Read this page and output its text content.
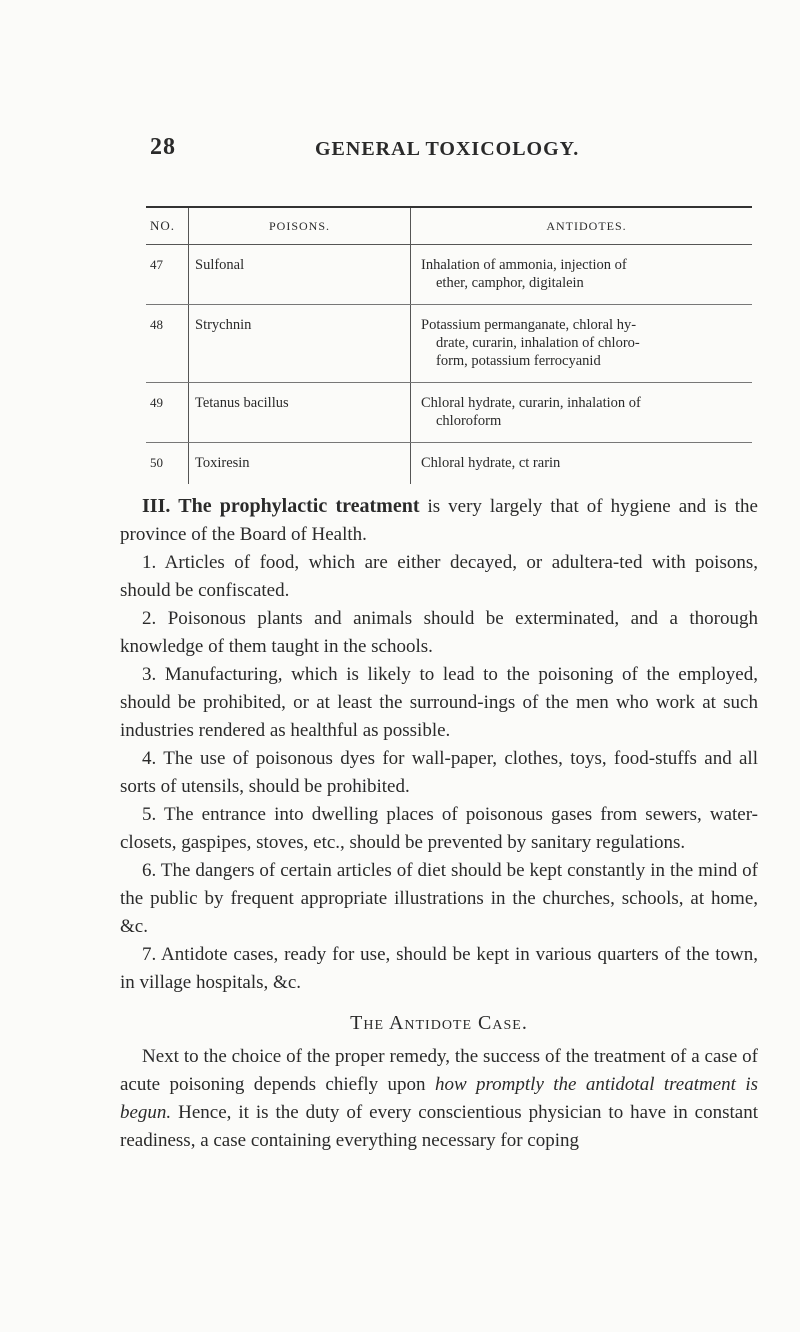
28	GENERAL TOXICOLOGY.
NO.	POISONS.	ANTIDOTES.
47	Sulfonal	Inhalation of ammonia, injection of
ether, camphor, digitalein

48	Strychnin	Potassium permanganate, chloral hy-
drate, curarin, inhalation of chloro-
form, potassium ferrocyanid

49	Tetanus bacillus	Chloral hydrate, curarin, inhalation of
chloroform

50	Toxiresin	Chloral hydrate, ct rarin

III. The prophylactic treatment is very largely that of hygiene and is the province of the Board of Health.

1. Articles of food, which are either decayed, or adultera-ted with poisons, should be confiscated.

2. Poisonous plants and animals should be exterminated, and a thorough knowledge of them taught in the schools.

3. Manufacturing, which is likely to lead to the poisoning of the employed, should be prohibited, or at least the surround-ings of the men who work at such industries rendered as healthful as possible.

4. The use of poisonous dyes for wall-paper, clothes, toys, food-stuffs and all sorts of utensils, should be prohibited.

5. The entrance into dwelling places of poisonous gases from sewers, water-closets, gaspipes, stoves, etc., should be prevented by sanitary regulations.

6. The dangers of certain articles of diet should be kept constantly in the mind of the public by frequent appropriate illustrations in the churches, schools, at home, &c.

7. Antidote cases, ready for use, should be kept in various quarters of the town, in village hospitals, &c.

The Antidote Case.

Next to the choice of the proper remedy, the success of the treatment of a case of acute poisoning depends chiefly upon how promptly the antidotal treatment is begun. Hence, it is the duty of every conscientious physician to have in constant readiness, a case containing everything necessary for coping
